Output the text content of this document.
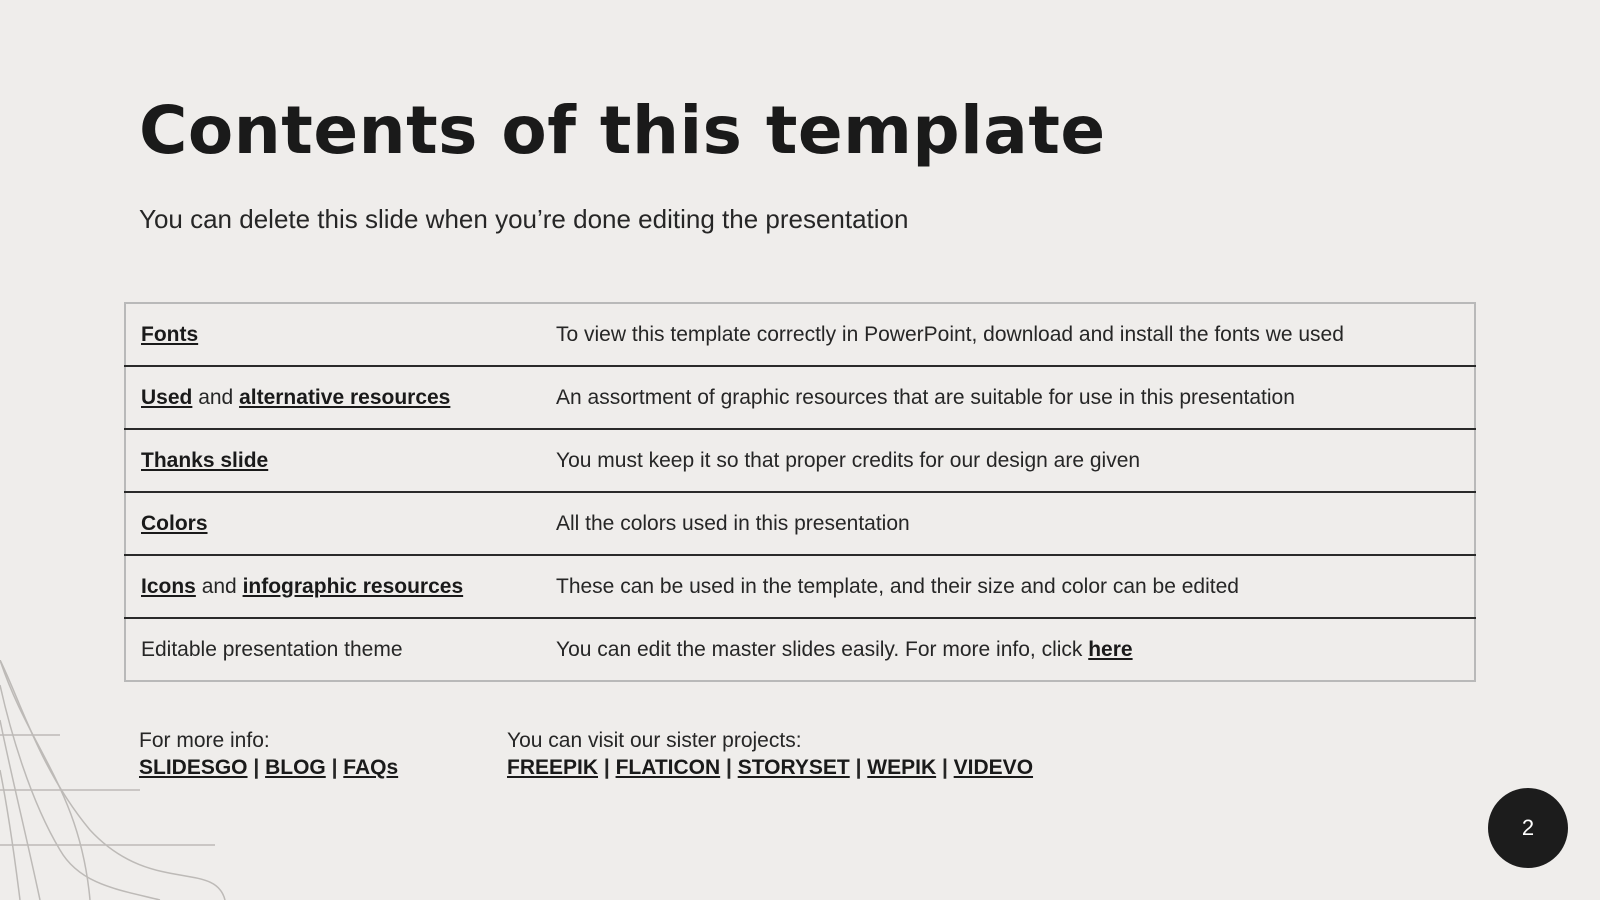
Contents of this template

You can delete this slide when you’re done editing the presentation

Fonts	To view this template correctly in PowerPoint, download and install the fonts we used
Used and alternative resources	An assortment of graphic resources that are suitable for use in this presentation
Thanks slide	You must keep it so that proper credits for our design are given
Colors	All the colors used in this presentation
Icons and infographic resources	These can be used in the template, and their size and color can be edited
Editable presentation theme	You can edit the master slides easily. For more info, click here
For more info:
SLIDESGO | BLOG | FAQs
You can visit our sister projects:
FREEPIK | FLATICON | STORYSET | WEPIK | VIDEVO
2
